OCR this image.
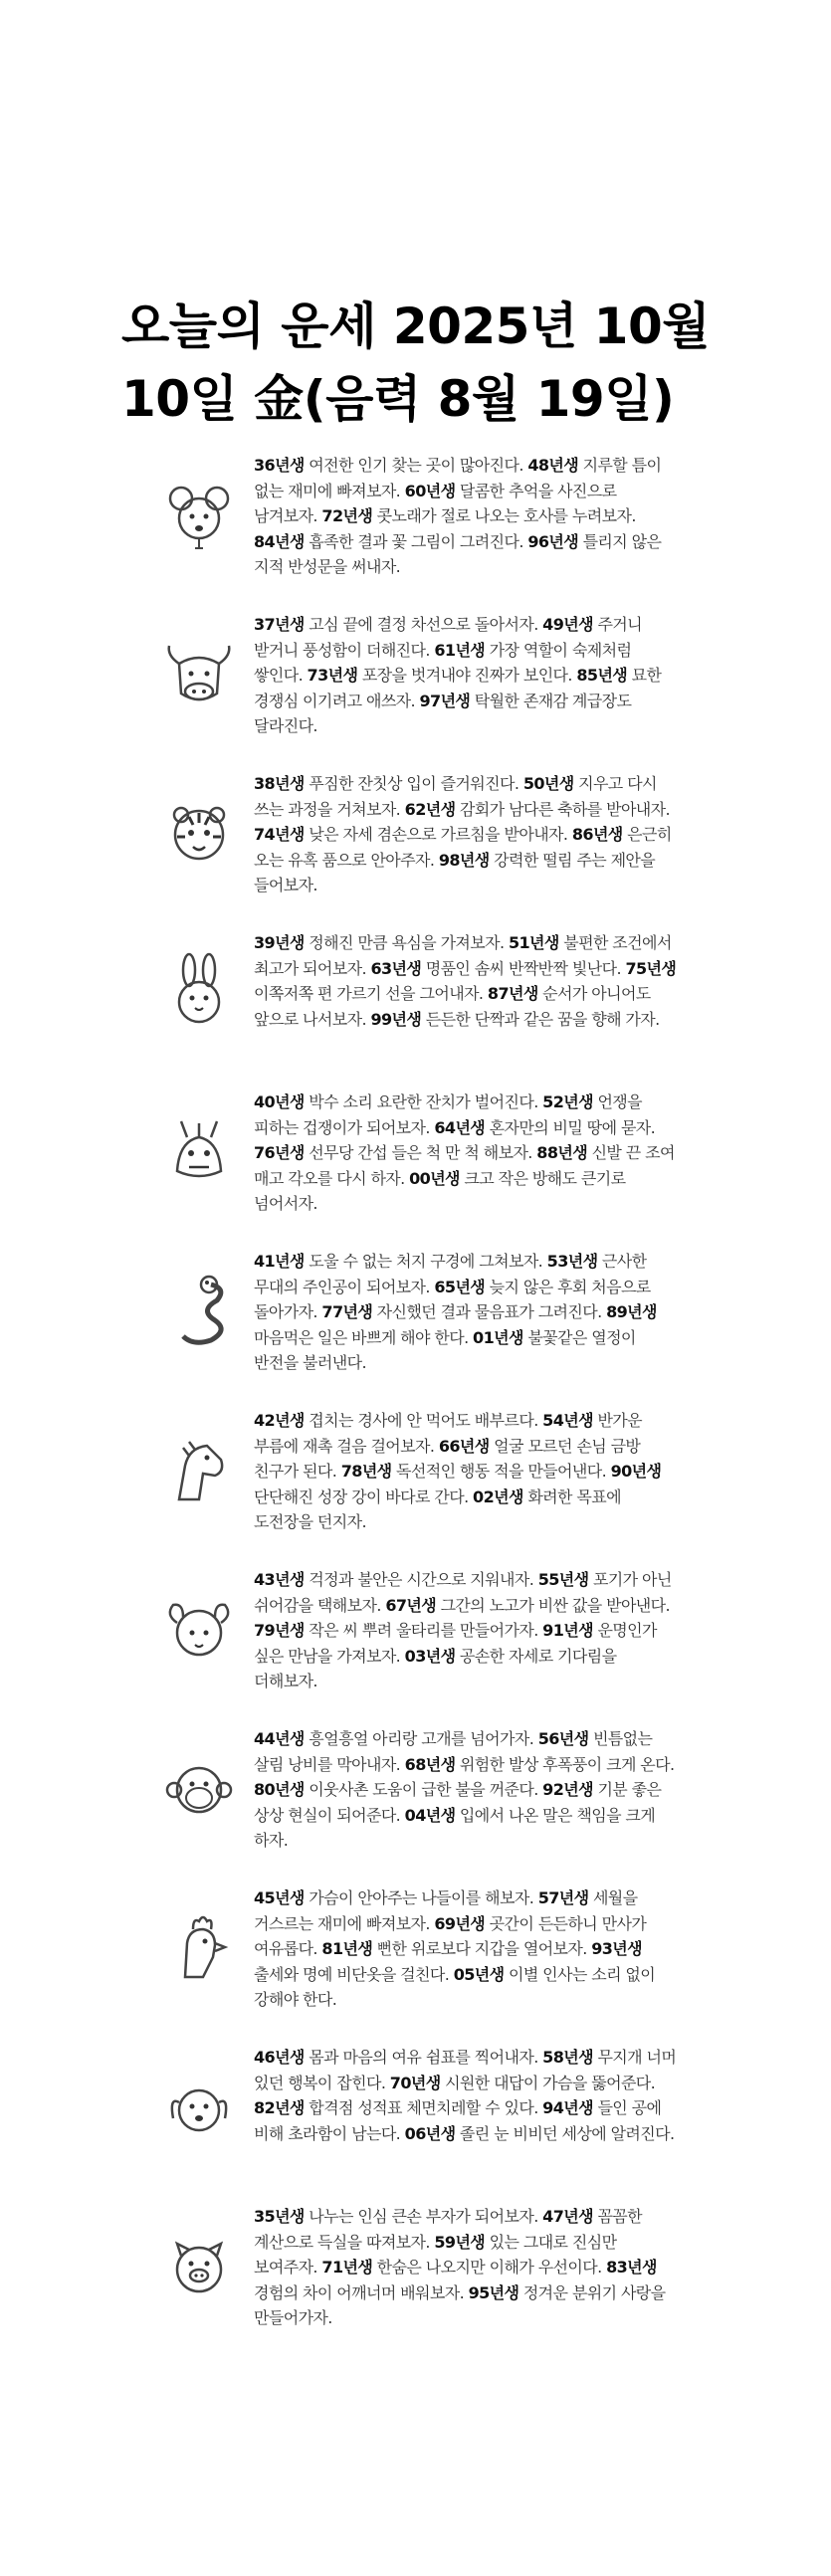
오늘의 운세 2025년 10월
10일 金(음력 8월 19일)
36년생 여전한 인기 찾는 곳이 많아진다. 48년생 지루할 틈이 없는 재미에 빠져보자. 60년생 달콤한 추억을 사진으로 남겨보자. 72년생 콧노래가 절로 나오는 호사를 누려보자. 84년생 흡족한 결과 꽃 그림이 그려진다. 96년생 틀리지 않은 지적 반성문을 써내자.
37년생 고심 끝에 결정 차선으로 돌아서자. 49년생 주거니 받거니 풍성함이 더해진다. 61년생 가장 역할이 숙제처럼 쌓인다. 73년생 포장을 벗겨내야 진짜가 보인다. 85년생 묘한 경쟁심 이기려고 애쓰자. 97년생 탁월한 존재감 계급장도 달라진다.
38년생 푸짐한 잔칫상 입이 즐거워진다. 50년생 지우고 다시 쓰는 과정을 거쳐보자. 62년생 감회가 남다른 축하를 받아내자. 74년생 낮은 자세 겸손으로 가르침을 받아내자. 86년생 은근히 오는 유혹 품으로 안아주자. 98년생 강력한 떨림 주는 제안을 들어보자.
39년생 정해진 만큼 욕심을 가져보자. 51년생 불편한 조건에서 최고가 되어보자. 63년생 명품인 솜씨 반짝반짝 빛난다. 75년생 이쪽저쪽 편 가르기 선을 그어내자. 87년생 순서가 아니어도 앞으로 나서보자. 99년생 든든한 단짝과 같은 꿈을 향해 가자.
40년생 박수 소리 요란한 잔치가 벌어진다. 52년생 언쟁을 피하는 겁쟁이가 되어보자. 64년생 혼자만의 비밀 땅에 묻자. 76년생 선무당 간섭 들은 척 만 척 해보자. 88년생 신발 끈 조여 매고 각오를 다시 하자. 00년생 크고 작은 방해도 큰기로 넘어서자.
41년생 도울 수 없는 처지 구경에 그쳐보자. 53년생 근사한 무대의 주인공이 되어보자. 65년생 늦지 않은 후회 처음으로 돌아가자. 77년생 자신했던 결과 물음표가 그려진다. 89년생 마음먹은 일은 바쁘게 해야 한다. 01년생 불꽃같은 열정이 반전을 불러낸다.
42년생 겹치는 경사에 안 먹어도 배부르다. 54년생 반가운 부름에 재촉 걸음 걸어보자. 66년생 얼굴 모르던 손님 금방 친구가 된다. 78년생 독선적인 행동 적을 만들어낸다. 90년생 단단해진 성장 강이 바다로 간다. 02년생 화려한 목표에 도전장을 던지자.
43년생 걱정과 불안은 시간으로 지워내자. 55년생 포기가 아닌 쉬어감을 택해보자. 67년생 그간의 노고가 비싼 값을 받아낸다. 79년생 작은 씨 뿌려 울타리를 만들어가자. 91년생 운명인가 싶은 만남을 가져보자. 03년생 공손한 자세로 기다림을 더해보자.
44년생 흥얼흥얼 아리랑 고개를 넘어가자. 56년생 빈틈없는 살림 낭비를 막아내자. 68년생 위험한 발상 후폭풍이 크게 온다. 80년생 이웃사촌 도움이 급한 불을 꺼준다. 92년생 기분 좋은 상상 현실이 되어준다. 04년생 입에서 나온 말은 책임을 크게 하자.
45년생 가슴이 안아주는 나들이를 해보자. 57년생 세월을 거스르는 재미에 빠져보자. 69년생 곳간이 든든하니 만사가 여유롭다. 81년생 뻔한 위로보다 지갑을 열어보자. 93년생 출세와 명예 비단옷을 걸친다. 05년생 이별 인사는 소리 없이 강해야 한다.
46년생 몸과 마음의 여유 쉼표를 찍어내자. 58년생 무지개 너머 있던 행복이 잡힌다. 70년생 시원한 대답이 가슴을 뚫어준다. 82년생 합격점 성적표 체면치레할 수 있다. 94년생 들인 공에 비해 초라함이 남는다. 06년생 졸린 눈 비비던 세상에 알려진다.
35년생 나누는 인심 큰손 부자가 되어보자. 47년생 꼼꼼한 계산으로 득실을 따져보자. 59년생 있는 그대로 진심만 보여주자. 71년생 한숨은 나오지만 이해가 우선이다. 83년생 경험의 차이 어깨너머 배워보자. 95년생 정겨운 분위기 사랑을 만들어가자.
